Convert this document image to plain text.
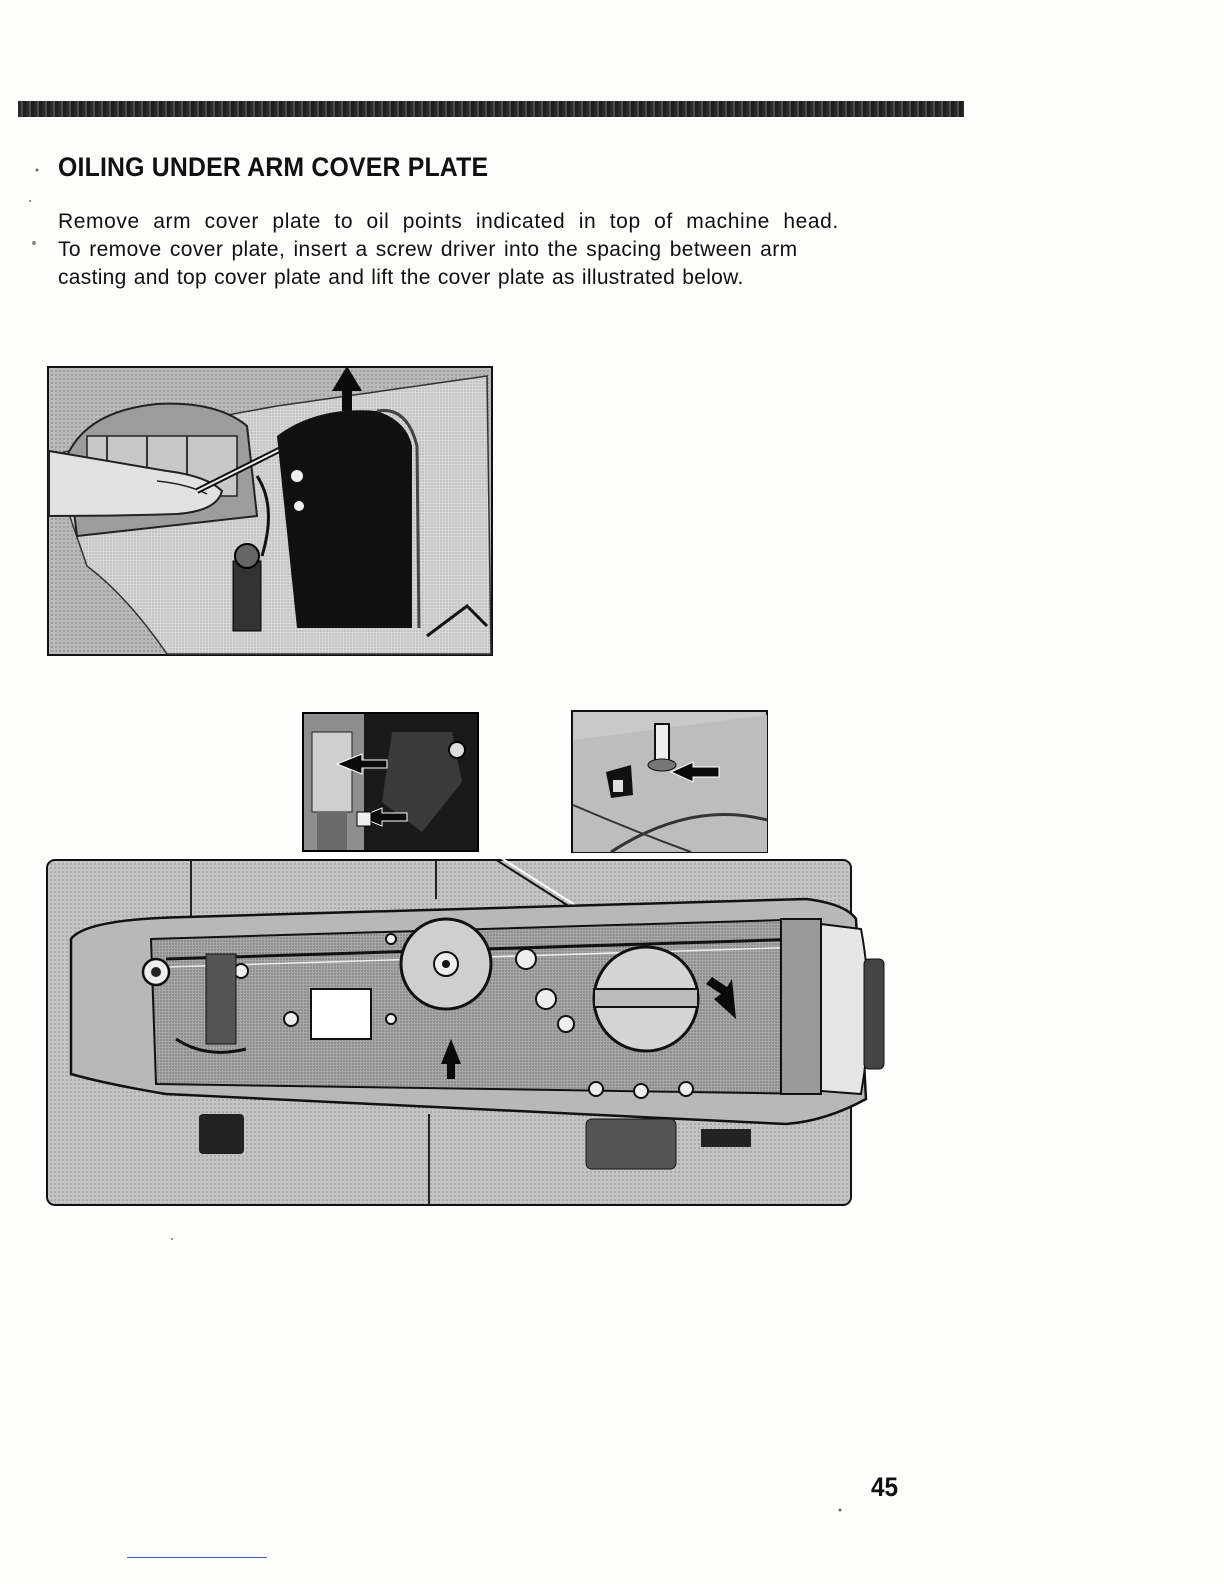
OILING UNDER ARM COVER PLATE

Remove arm cover plate to oil points indicated in top of machine head.
To remove cover plate, insert a screw driver into the spacing between arm
casting and top cover plate and lift the cover plate as illustrated below.

45
